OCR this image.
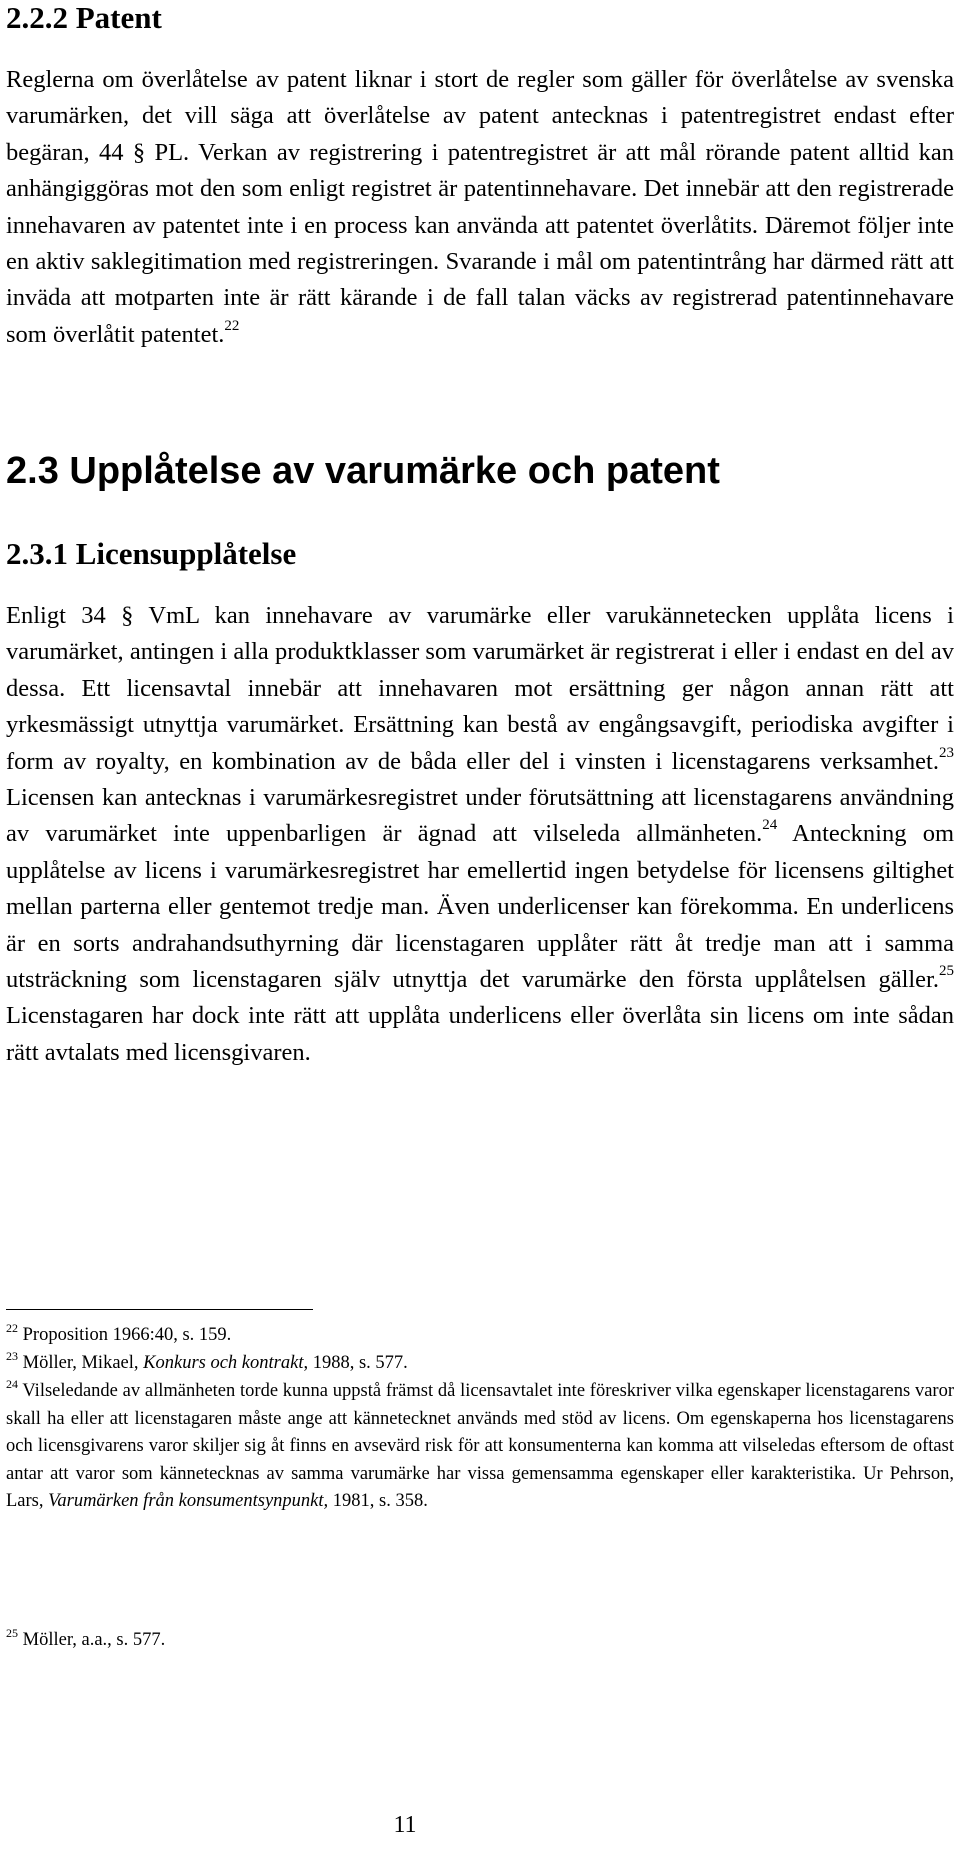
2.2.2 Patent

Reglerna om överlåtelse av patent liknar i stort de regler som gäller för överlåtelse av svenska varumärken, det vill säga att överlåtelse av patent antecknas i patentregistret endast efter begäran, 44 § PL. Verkan av registrering i patentregistret är att mål rörande patent alltid kan anhängiggöras mot den som enligt registret är patentinnehavare. Det innebär att den registrerade innehavaren av patentet inte i en process kan använda att patentet överlåtits. Däremot följer inte en aktiv saklegitimation med registreringen. Svarande i mål om patentintrång har därmed rätt att inväda att motparten inte är rätt kärande i de fall talan väcks av registrerad patentinnehavare som överlåtit patentet.$^{22}$

2.3 Upplåtelse av varumärke och patent
2.3.1 Licensupplåtelse

Enligt 34 § VmL kan innehavare av varumärke eller varukännetecken upplåta licens i varumärket, antingen i alla produktklasser som varumärket är registrerat i eller i endast en del av dessa. Ett licensavtal innebär att innehavaren mot ersättning ger någon annan rätt att yrkesmässigt utnyttja varumärket. Ersättning kan bestå av engångsavgift, periodiska avgifter i form av royalty, en kombination av de båda eller del i vinsten i licenstagarens verksamhet.$^{23}$ Licensen kan antecknas i varumärkesregistret under förutsättning att licenstagarens användning av varumärket inte uppenbarligen är ägnad att vilseleda allmänheten.$^{24}$ Anteckning om upplåtelse av licens i varumärkesregistret har emellertid ingen betydelse för licensens giltighet mellan parterna eller gentemot tredje man. Även underlicenser kan förekomma. En underlicens är en sorts andrahandsuthyrning där licenstagaren upplåter rätt åt tredje man att i samma utsträckning som licenstagaren själv utnyttja det varumärke den första upplåtelsen gäller.$^{25}$ Licenstagaren har dock inte rätt att upplåta underlicens eller överlåta sin licens om inte sådan rätt avtalats med licensgivaren.

$^{22}$ Proposition 1966:40, s. 159.

$^{23}$ Möller, Mikael, Konkurs och kontrakt, 1988, s. 577.

$^{24}$ Vilseledande av allmänheten torde kunna uppstå främst då licensavtalet inte föreskriver vilka egenskaper licenstagarens varor skall ha eller att licenstagaren måste ange att kännetecknet används med stöd av licens. Om egenskaperna hos licenstagarens och licensgivarens varor skiljer sig åt finns en avsevärd risk för att konsumenterna kan komma att vilseledas eftersom de oftast antar att varor som kännetecknas av samma varumärke har vissa gemensamma egenskaper eller karakteristika. Ur Pehrson, Lars, Varumärken från konsumentsynpunkt, 1981, s. 358.

$^{25}$ Möller, a.a., s. 577.

11
